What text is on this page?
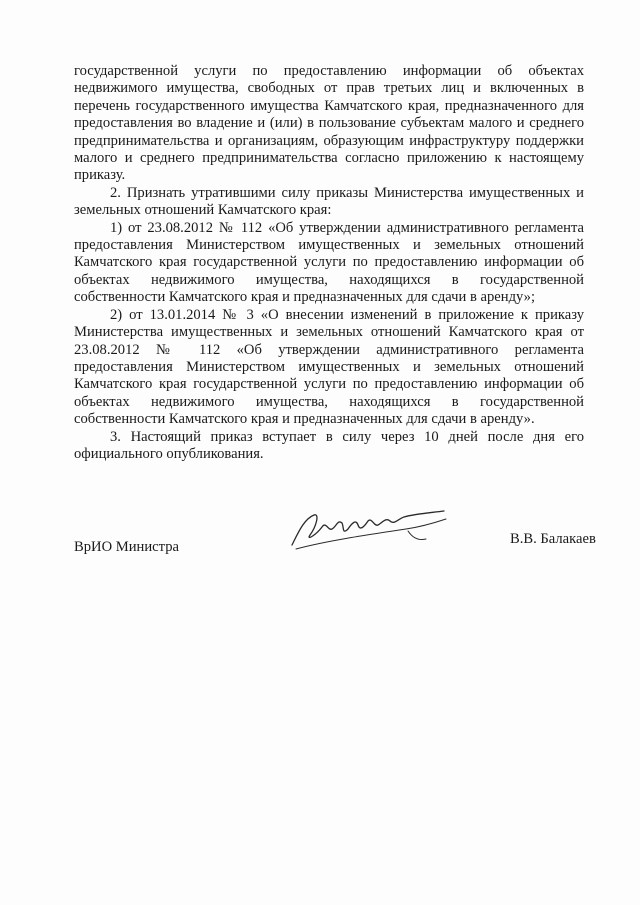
государственной услуги по предоставлению информации об объектах недвижимого имущества, свободных от прав третьих лиц и включенных в перечень государственного имущества Камчатского края, предназначенного для предоставления во владение и (или) в пользование субъектам малого и среднего предпринимательства и организациям, образующим инфраструктуру поддержки малого и среднего предпринимательства согласно приложению к настоящему приказу.

2. Признать утратившими силу приказы Министерства имущественных и земельных отношений Камчатского края:

1) от 23.08.2012 № 112 «Об утверждении административного регламента предоставления Министерством имущественных и земельных отношений Камчатского края государственной услуги по предоставлению информации об объектах недвижимого имущества, находящихся в государственной собственности Камчатского края и предназначенных для сдачи в аренду»;

2) от 13.01.2014 № 3 «О внесении изменений в приложение к приказу Министерства имущественных и земельных отношений Камчатского края от 23.08.2012 № 112 «Об утверждении административного регламента предоставления Министерством имущественных и земельных отношений Камчатского края государственной услуги по предоставлению информации об объектах недвижимого имущества, находящихся в государственной собственности Камчатского края и предназначенных для сдачи в аренду».

3. Настоящий приказ вступает в силу через 10 дней после дня его официального опубликования.

ВрИО Министра	В.В. Балакаев
